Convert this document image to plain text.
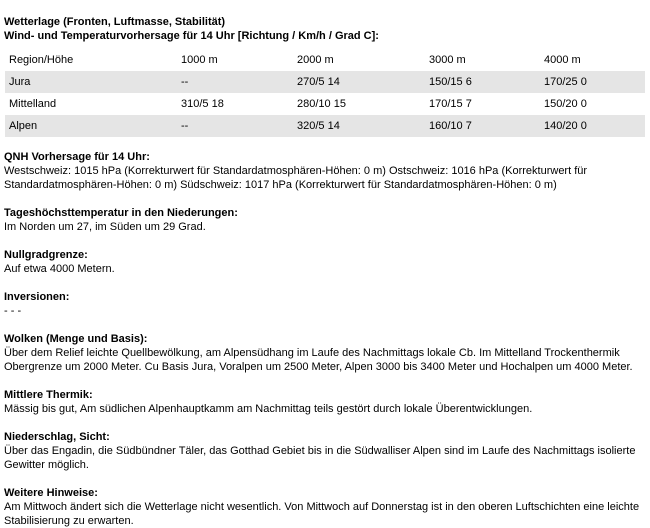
Wetterlage (Fronten, Luftmasse, Stabilität)

Wind- und Temperaturvorhersage für 14 Uhr [Richtung / Km/h / Grad C]:

Region/Höhe	1000 m	2000 m	3000 m	4000 m
Jura	--	270/5 14	150/15 6	170/25 0
Mittelland	310/5 18	280/10 15	170/15 7	150/20 0
Alpen	--	320/5 14	160/10 7	140/20 0

QNH Vorhersage für 14 Uhr:

Westschweiz: 1015 hPa (Korrekturwert für Standardatmosphären-Höhen: 0 m) Ostschweiz: 1016 hPa (Korrekturwert für Standardatmosphären-Höhen: 0 m) Südschweiz: 1017 hPa (Korrekturwert für Standardatmosphären-Höhen: 0 m)

Tageshöchsttemperatur in den Niederungen:

Im Norden um 27, im Süden um 29 Grad.

Nullgradgrenze:

Auf etwa 4000 Metern.

Inversionen:

- - -

Wolken (Menge und Basis):

Über dem Relief leichte Quellbewölkung, am Alpensüdhang im Laufe des Nachmittags lokale Cb. Im Mittelland Trockenthermik Obergrenze um 2000 Meter. Cu Basis Jura, Voralpen um 2500 Meter, Alpen 3000 bis 3400 Meter und Hochalpen um 4000 Meter.

Mittlere Thermik:

Mässig bis gut, Am südlichen Alpenhauptkamm am Nachmittag teils gestört durch lokale Überentwicklungen.

Niederschlag, Sicht:

Über das Engadin, die Südbündner Täler, das Gotthad Gebiet bis in die Südwalliser Alpen sind im Laufe des Nachmittags isolierte Gewitter möglich.

Weitere Hinweise:

Am Mittwoch ändert sich die Wetterlage nicht wesentlich. Von Mittwoch auf Donnerstag ist in den oberen Luftschichten eine leichte Stabilisierung zu erwarten.
